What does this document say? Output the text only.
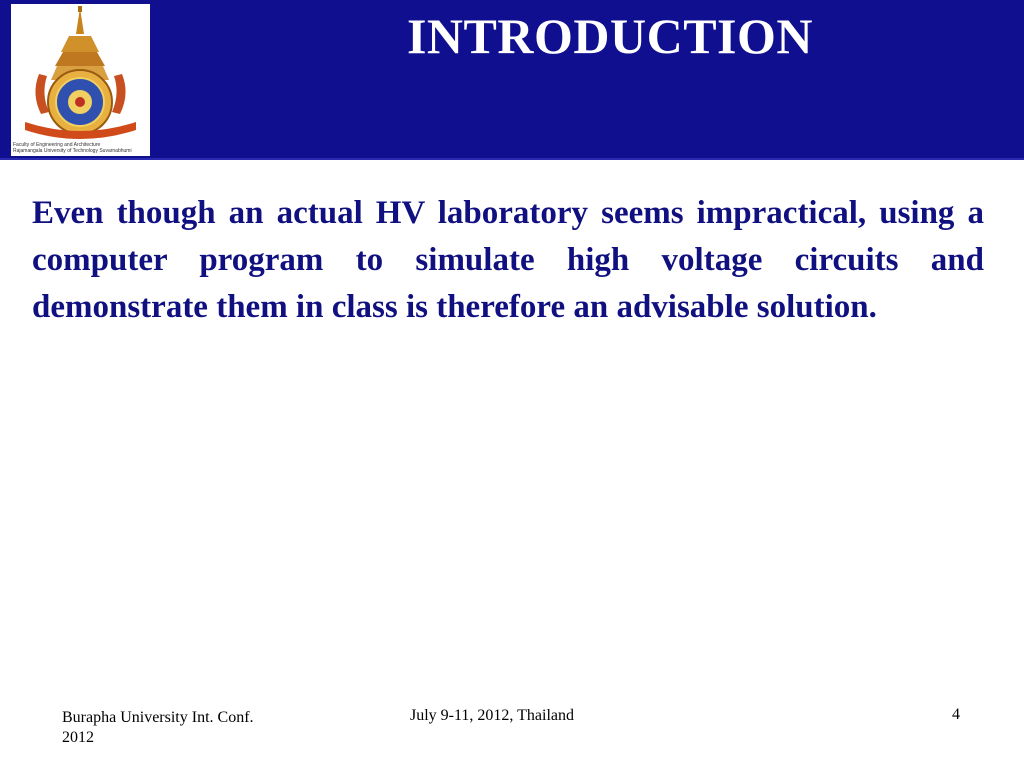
Faculty of Engineering and Architecture
Rajamangala University of Technology Suvarnabhumi
INTRODUCTION
Even though an actual HV laboratory seems impractical, using a computer program to simulate high voltage circuits and demonstrate them in class is therefore an advisable solution.
Burapha University Int. Conf. 2012
July 9-11, 2012, Thailand	4
